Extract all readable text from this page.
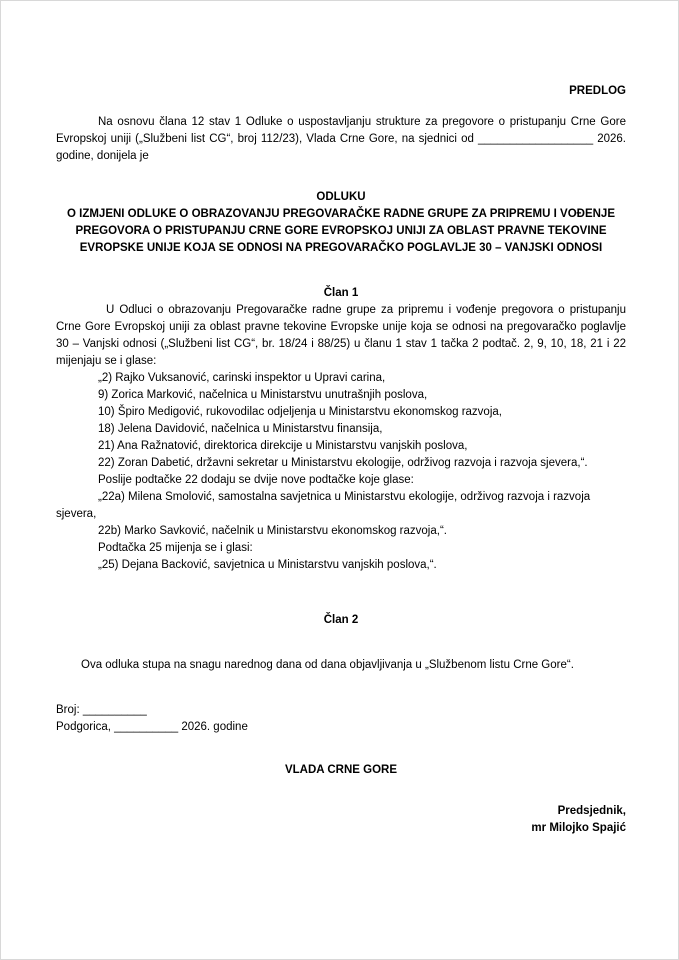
PREDLOG

Na osnovu člana 12 stav 1 Odluke o uspostavljanju strukture za pregovore o pristupanju Crne Gore Evropskoj uniji („Službeni list CG“, broj 112/23), Vlada Crne Gore, na sjednici od __________________ 2026. godine, donijela je

ODLUKU

O IZMJENI ODLUKE O OBRAZOVANJU PREGOVARAČKE RADNE GRUPE ZA PRIPREMU I VOĐENJE PREGOVORA O PRISTUPANJU CRNE GORE EVROPSKOJ UNIJI ZA OBLAST PRAVNE TEKOVINE EVROPSKE UNIJE KOJA SE ODNOSI NA PREGOVARAČKO POGLAVLJE 30 – VANJSKI ODNOSI

Član 1

U Odluci o obrazovanju Pregovaračke radne grupe za pripremu i vođenje pregovora o pristupanju Crne Gore Evropskoj uniji za oblast pravne tekovine Evropske unije koja se odnosi na pregovaračko poglavlje 30 – Vanjski odnosi („Službeni list CG“, br. 18/24 i 88/25) u članu 1 stav 1 tačka 2 podtač. 2, 9, 10, 18, 21 i 22 mijenjaju se i glase:

„2) Rajko Vuksanović, carinski inspektor u Upravi carina,

9) Zorica Marković, načelnica u Ministarstvu unutrašnjih poslova,

10) Špiro Medigović, rukovodilac odjeljenja u Ministarstvu ekonomskog razvoja,

18) Jelena Davidović, načelnica u Ministarstvu finansija,

21) Ana Ražnatović, direktorica direkcije u Ministarstvu vanjskih poslova,

22) Zoran Dabetić, državni sekretar u Ministarstvu ekologije, održivog razvoja i razvoja sjevera,“.

Poslije podtačke 22 dodaju se dvije nove podtačke koje glase:

„22a) Milena Smolović, samostalna savjetnica u Ministarstvu ekologije, održivog razvoja i razvoja sjevera,

22b) Marko Savković, načelnik u Ministarstvu ekonomskog razvoja,“.

Podtačka 25 mijenja se i glasi:

„25) Dejana Backović, savjetnica u Ministarstvu vanjskih poslova,“.

Član 2

Ova odluka stupa na snagu narednog dana od dana objavljivanja u „Službenom listu Crne Gore“.

Broj: __________

Podgorica, __________ 2026. godine

VLADA CRNE GORE

Predsjednik,

mr Milojko Spajić
